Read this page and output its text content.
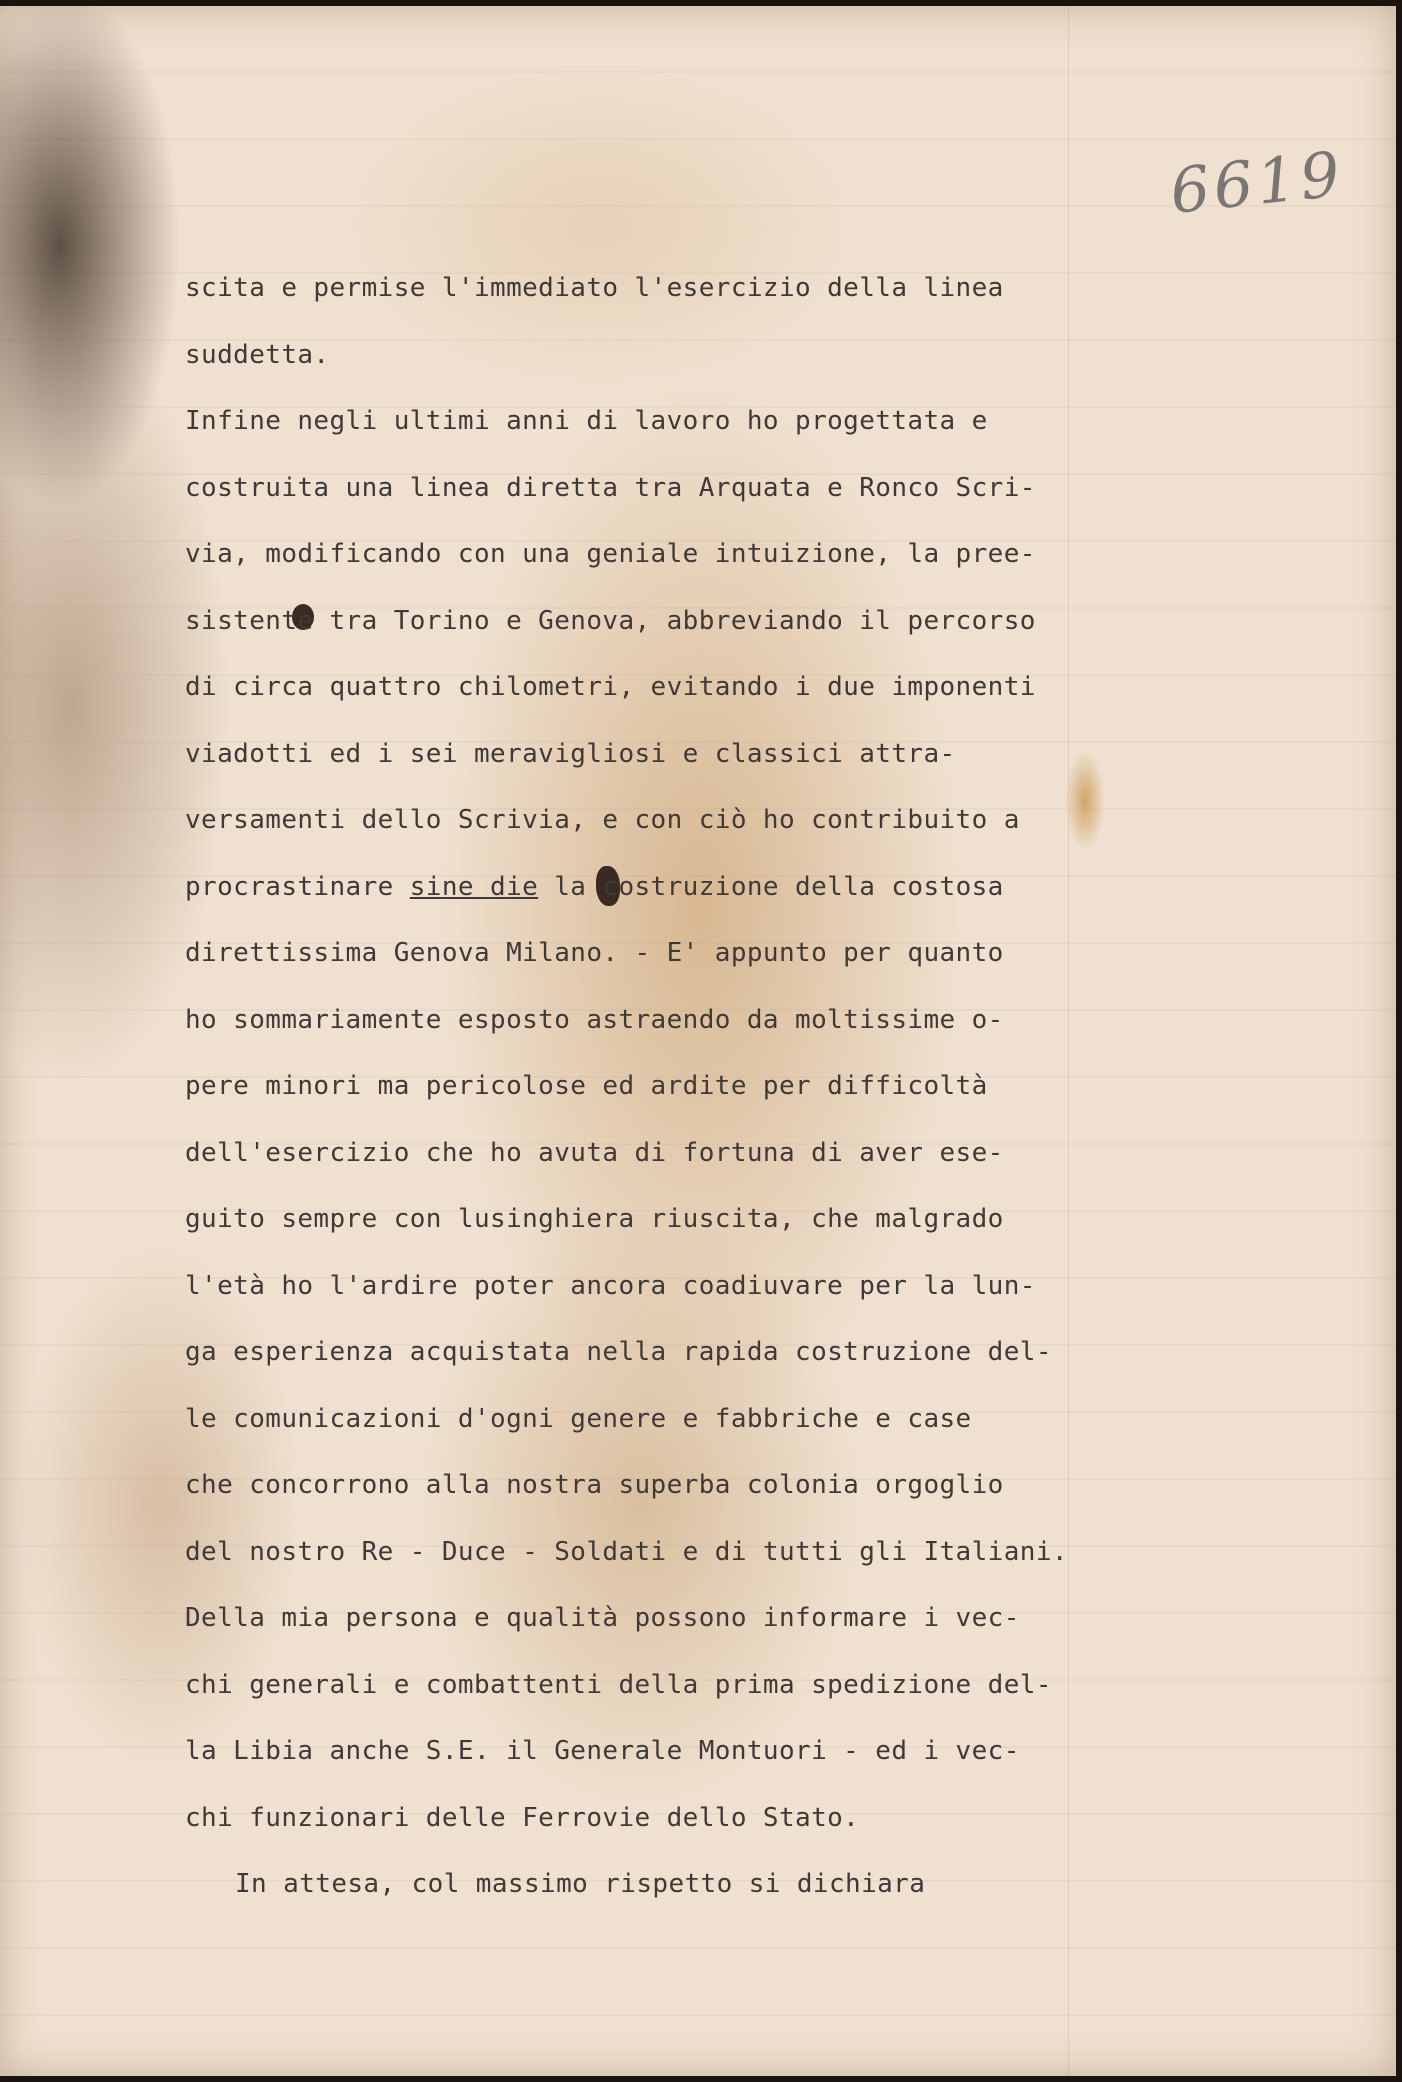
6619
scita e permise l'immediato l'esercizio della linea
suddetta.
Infine negli ultimi anni di lavoro ho progettata e
costruita una linea diretta tra Arquata e Ronco Scri-
via, modificando con una geniale intuizione, la pree-
sistente tra Torino e Genova, abbreviando il percorso
di circa quattro chilometri, evitando i due imponenti
viadotti ed i sei meravigliosi e classici attra-
versamenti dello Scrivia, e con ciò ho contribuito a
procrastinare sine die la costruzione della costosa
direttissima Genova Milano. - E' appunto per quanto
ho sommariamente esposto astraendo da moltissime o-
pere minori ma pericolose ed ardite per difficoltà
dell'esercizio che ho avuta di fortuna di aver ese-
guito sempre con lusinghiera riuscita, che malgrado
l'età ho l'ardire poter ancora coadiuvare per la lun-
ga esperienza acquistata nella rapida costruzione del-
le comunicazioni d'ogni genere e fabbriche e case
che concorrono alla nostra superba colonia orgoglio
del nostro Re - Duce - Soldati e di tutti gli Italiani.
Della mia persona e qualità possono informare i vec-
chi generali e combattenti della prima spedizione del-
la Libia anche S.E. il Generale Montuori - ed i vec-
chi funzionari delle Ferrovie dello Stato.
In attesa, col massimo rispetto si dichiara
